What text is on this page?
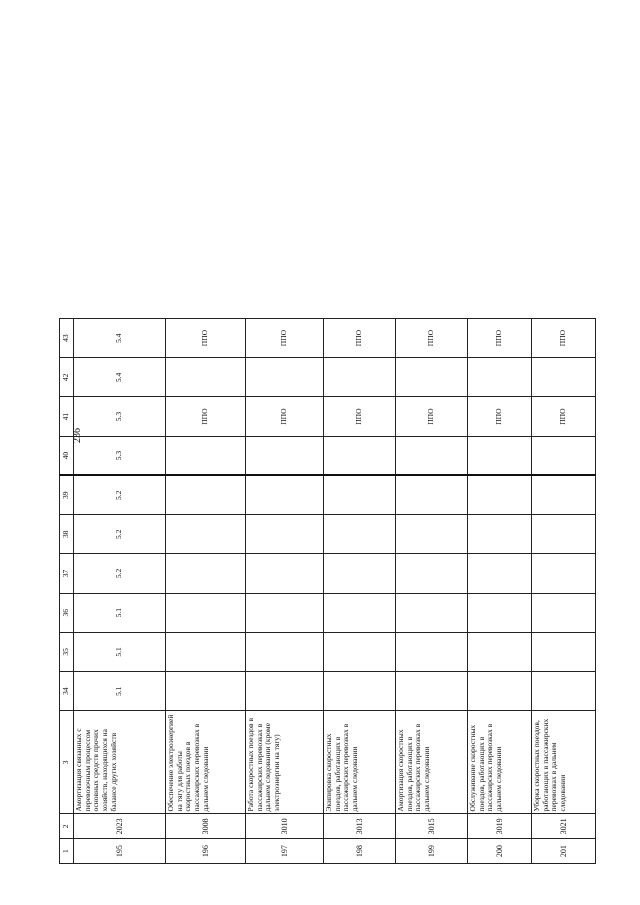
236
1	2	3	34	35	36	37	38	39	40	41	42	43
195	2023	Амортизация связанных с перевозочным процессом основных средств прочих хозяйств, находящихся на балансе других хозяйств	5.1	5.1	5.1	5.2	5.2	5.2	5.3	5.3	5.4	5.4
196	3008	Обеспечение электроэнергией на тягу для работы скоростных поездов в пассажирских перевозках в дальнем следовании								ППО		ППО
197	3010	Работа скоростных поездов в пассажирских перевозках в дальнем следовании (кроме электроэнергии на тягу)								ППО		ППО
198	3013	Экипировка скоростных поездов, работающих в пассажирских перевозках в дальнем следовании								ППО		ППО
199	3015	Амортизация скоростных поездов, работающих в пассажирских перевозках в дальнем следовании								ППО		ППО
200	3019	Обслуживание скоростных поездов, работающих в пассажирских перевозках в дальнем следовании								ППО		ППО
201	3021	Уборка скоростных поездов, работающих в пассажирских перевозках в дальнем следовании								ППО		ППО
